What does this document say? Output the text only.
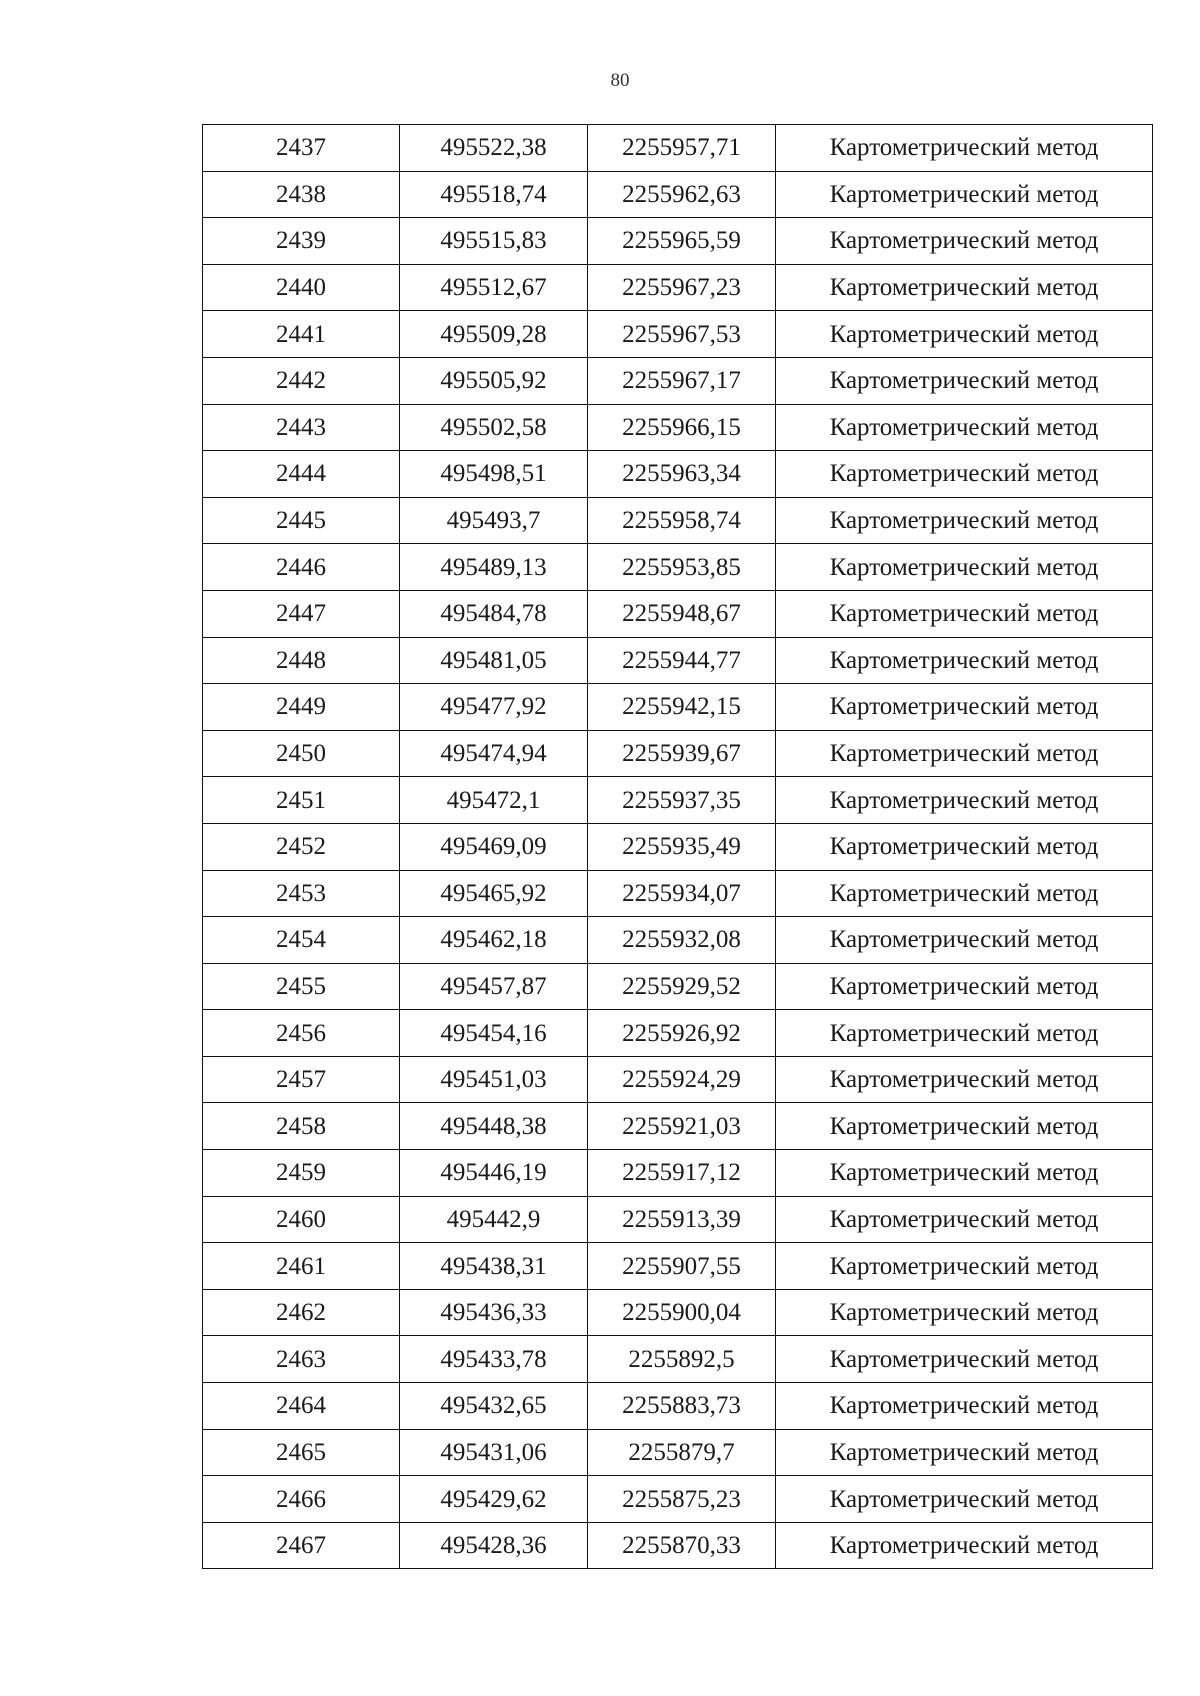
80
2437	495522,38	2255957,71	Картометрический метод
2438	495518,74	2255962,63	Картометрический метод
2439	495515,83	2255965,59	Картометрический метод
2440	495512,67	2255967,23	Картометрический метод
2441	495509,28	2255967,53	Картометрический метод
2442	495505,92	2255967,17	Картометрический метод
2443	495502,58	2255966,15	Картометрический метод
2444	495498,51	2255963,34	Картометрический метод
2445	495493,7	2255958,74	Картометрический метод
2446	495489,13	2255953,85	Картометрический метод
2447	495484,78	2255948,67	Картометрический метод
2448	495481,05	2255944,77	Картометрический метод
2449	495477,92	2255942,15	Картометрический метод
2450	495474,94	2255939,67	Картометрический метод
2451	495472,1	2255937,35	Картометрический метод
2452	495469,09	2255935,49	Картометрический метод
2453	495465,92	2255934,07	Картометрический метод
2454	495462,18	2255932,08	Картометрический метод
2455	495457,87	2255929,52	Картометрический метод
2456	495454,16	2255926,92	Картометрический метод
2457	495451,03	2255924,29	Картометрический метод
2458	495448,38	2255921,03	Картометрический метод
2459	495446,19	2255917,12	Картометрический метод
2460	495442,9	2255913,39	Картометрический метод
2461	495438,31	2255907,55	Картометрический метод
2462	495436,33	2255900,04	Картометрический метод
2463	495433,78	2255892,5	Картометрический метод
2464	495432,65	2255883,73	Картометрический метод
2465	495431,06	2255879,7	Картометрический метод
2466	495429,62	2255875,23	Картометрический метод
2467	495428,36	2255870,33	Картометрический метод
